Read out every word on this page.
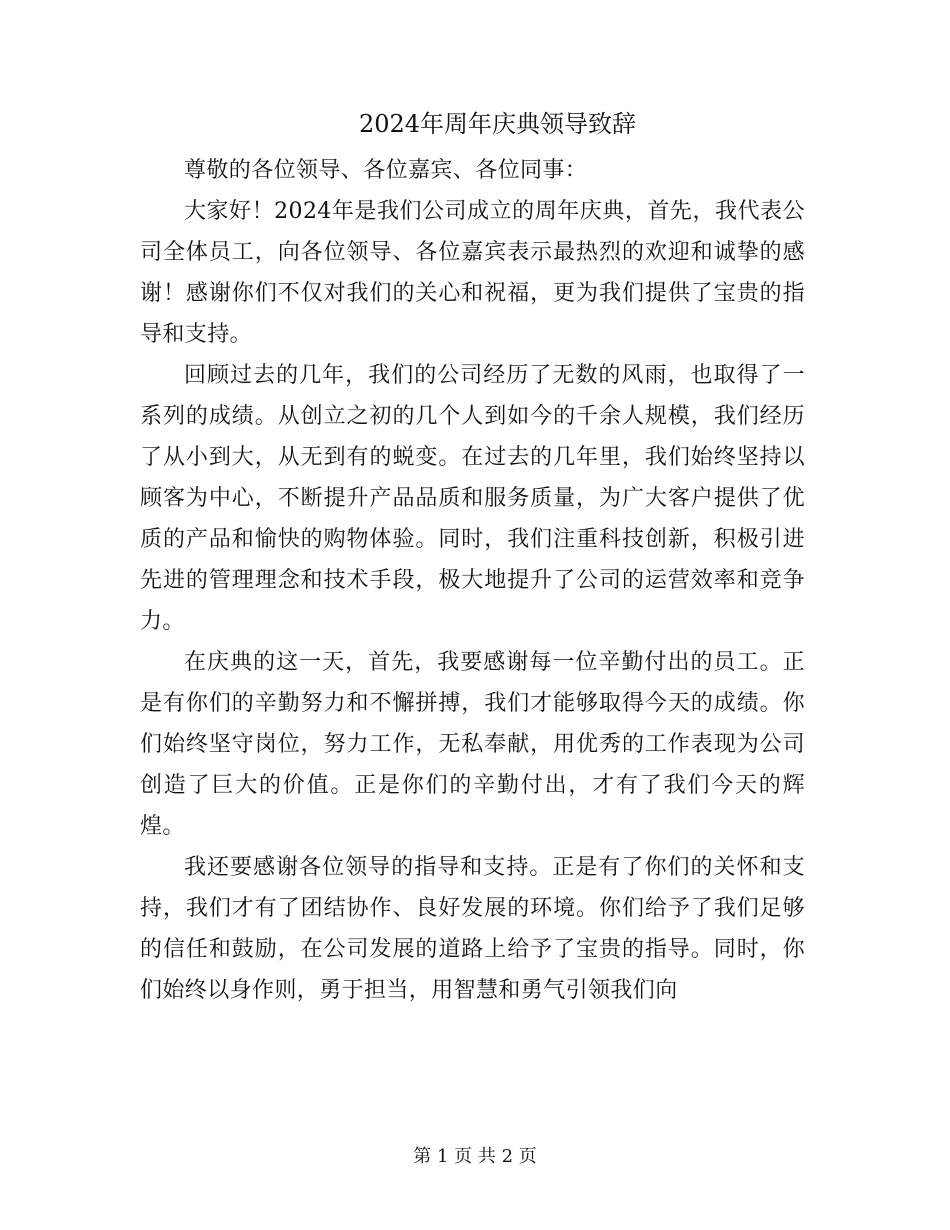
2024年周年庆典领导致辞

尊敬的各位领导、各位嘉宾、各位同事：

大家好！2024年是我们公司成立的周年庆典，首先，我代表公司全体员工，向各位领导、各位嘉宾表示最热烈的欢迎和诚挚的感谢！感谢你们不仅对我们的关心和祝福，更为我们提供了宝贵的指导和支持。

回顾过去的几年，我们的公司经历了无数的风雨，也取得了一系列的成绩。从创立之初的几个人到如今的千余人规模，我们经历了从小到大，从无到有的蜕变。在过去的几年里，我们始终坚持以顾客为中心，不断提升产品品质和服务质量，为广大客户提供了优质的产品和愉快的购物体验。同时，我们注重科技创新，积极引进先进的管理理念和技术手段，极大地提升了公司的运营效率和竞争力。

在庆典的这一天，首先，我要感谢每一位辛勤付出的员工。正是有你们的辛勤努力和不懈拼搏，我们才能够取得今天的成绩。你们始终坚守岗位，努力工作，无私奉献，用优秀的工作表现为公司创造了巨大的价值。正是你们的辛勤付出，才有了我们今天的辉煌。

我还要感谢各位领导的指导和支持。正是有了你们的关怀和支持，我们才有了团结协作、良好发展的环境。你们给予了我们足够的信任和鼓励，在公司发展的道路上给予了宝贵的指导。同时，你们始终以身作则，勇于担当，用智慧和勇气引领我们向

第 1 页 共 2 页
